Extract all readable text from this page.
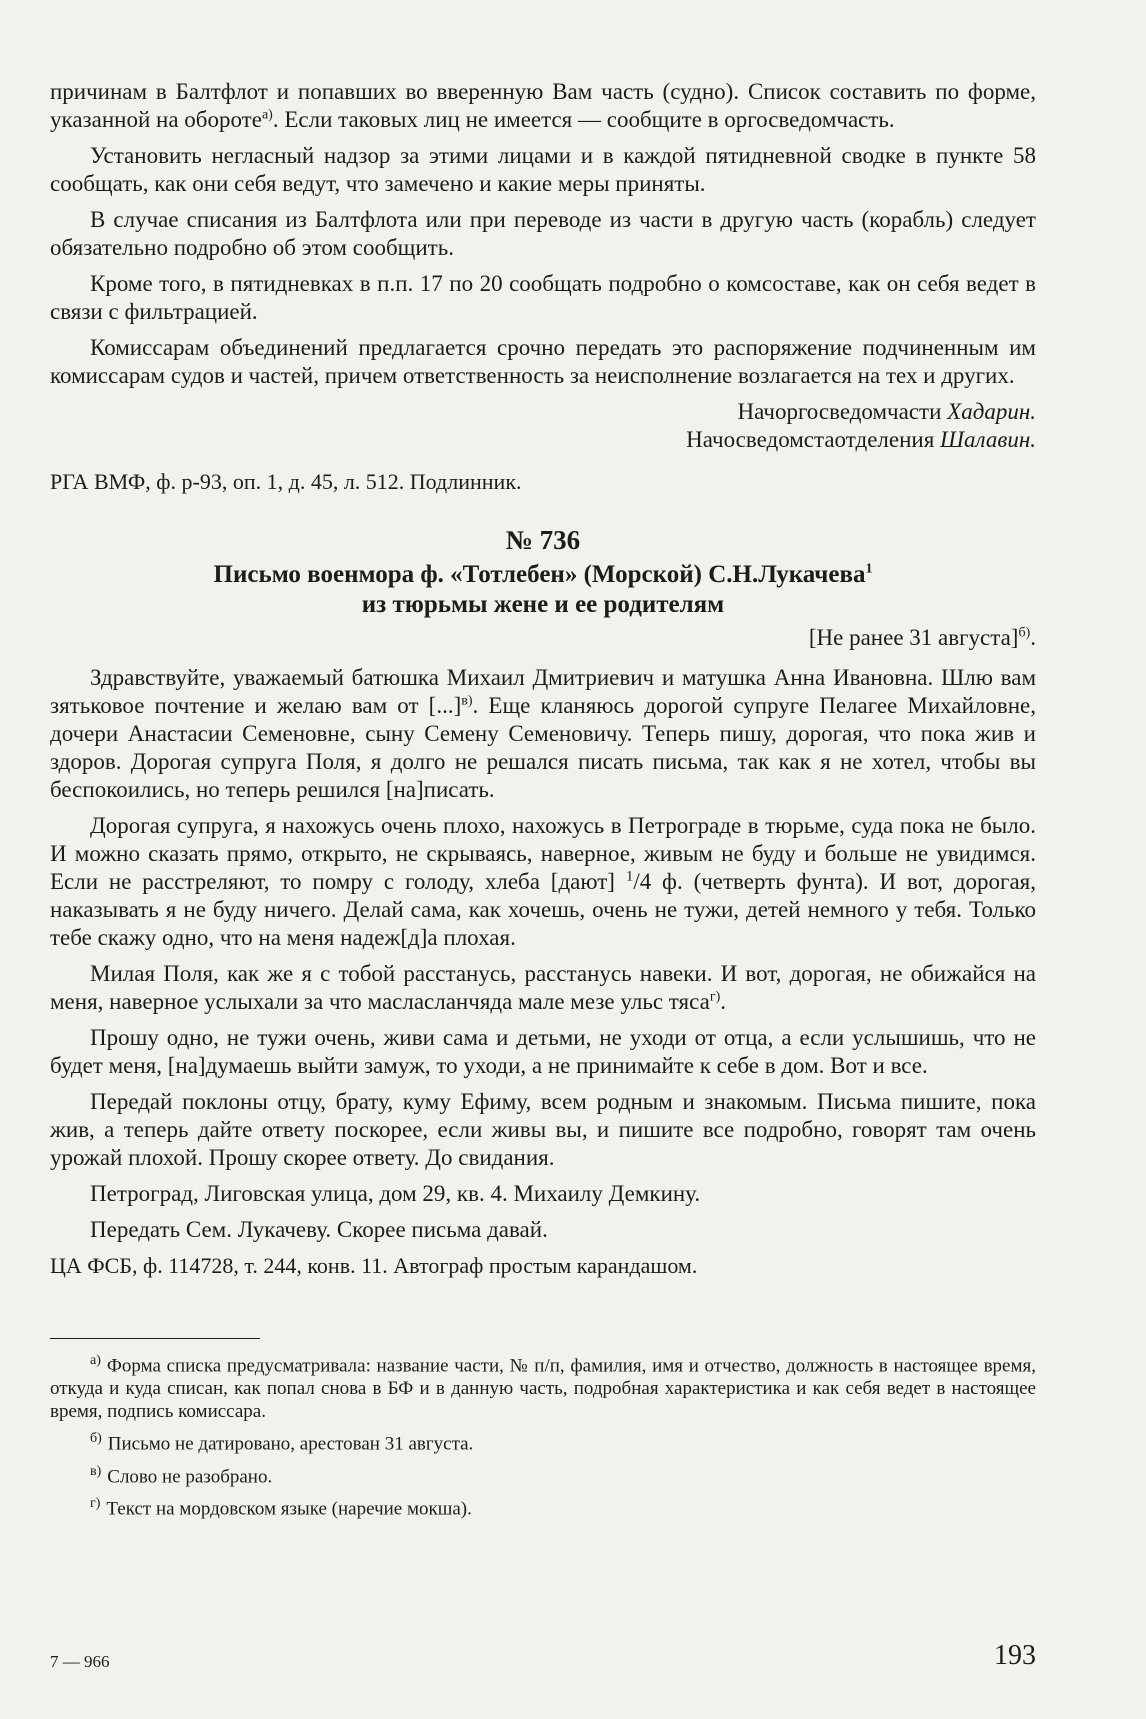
причинам в Балтфлот и попавших во вверенную Вам часть (судно). Список составить по форме, указанной на обороте$^{а)}$. Если таковых лиц не имеется — сообщите в оргосведомчасть.

Установить негласный надзор за этими лицами и в каждой пятидневной сводке в пункте 58 сообщать, как они себя ведут, что замечено и какие меры приняты.

В случае списания из Балтфлота или при переводе из части в другую часть (корабль) следует обязательно подробно об этом сообщить.

Кроме того, в пятидневках в п.п. 17 по 20 сообщать подробно о комсоставе, как он себя ведет в связи с фильтрацией.

Комиссарам объединений предлагается срочно передать это распоряжение подчиненным им комиссарам судов и частей, причем ответственность за неисполнение возлагается на тех и других.

Начоргосведомчасти Хадарин.
Начосведомстаотделения Шалавин.

РГА ВМФ, ф. р-93, оп. 1, д. 45, л. 512. Подлинник.

№ 736
Письмо военмора ф. «Тотлебен» (Морской) С.Н.Лукачева$^1$
из тюрьмы жене и ее родителям
[Не ранее 31 августа]$^{б)}$.

Здравствуйте, уважаемый батюшка Михаил Дмитриевич и матушка Анна Ивановна. Шлю вам зятьковое почтение и желаю вам от [...]$^{в)}$. Еще кланяюсь дорогой супруге Пелагее Михайловне, дочери Анастасии Семеновне, сыну Семену Семеновичу. Теперь пишу, дорогая, что пока жив и здоров. Дорогая супруга Поля, я долго не решался писать письма, так как я не хотел, чтобы вы беспокоились, но теперь решился [на]писать.

Дорогая супруга, я нахожусь очень плохо, нахожусь в Петрограде в тюрьме, суда пока не было. И можно сказать прямо, открыто, не скрываясь, наверное, живым не буду и больше не увидимся. Если не расстреляют, то помру с голоду, хлеба [дают] $^1$/4 ф. (четверть фунта). И вот, дорогая, наказывать я не буду ничего. Делай сама, как хочешь, очень не тужи, детей немного у тебя. Только тебе скажу одно, что на меня надеж[д]а плохая.

Милая Поля, как же я с тобой расстанусь, расстанусь навеки. И вот, дорогая, не обижайся на меня, наверное услыхали за что масласланчяда мале мезе ульс тяса$^{г)}$.

Прошу одно, не тужи очень, живи сама и детьми, не уходи от отца, а если услышишь, что не будет меня, [на]думаешь выйти замуж, то уходи, а не принимайте к себе в дом. Вот и все.

Передай поклоны отцу, брату, куму Ефиму, всем родным и знакомым. Письма пишите, пока жив, а теперь дайте ответу поскорее, если живы вы, и пишите все подробно, говорят там очень урожай плохой. Прошу скорее ответу. До свидания.

Петроград, Лиговская улица, дом 29, кв. 4. Михаилу Демкину.

Передать Сем. Лукачеву. Скорее письма давай.

ЦА ФСБ, ф. 114728, т. 244, конв. 11. Автограф простым карандашом.

$^{а)}$ Форма списка предусматривала: название части, № п/п, фамилия, имя и отчество, должность в настоящее время, откуда и куда списан, как попал снова в БФ и в данную часть, подробная характеристика и как себя ведет в настоящее время, подпись комиссара.

$^{б)}$ Письмо не датировано, арестован 31 августа.

$^{в)}$ Слово не разобрано.

$^{г)}$ Текст на мордовском языке (наречие мокша).

7 — 966	193
